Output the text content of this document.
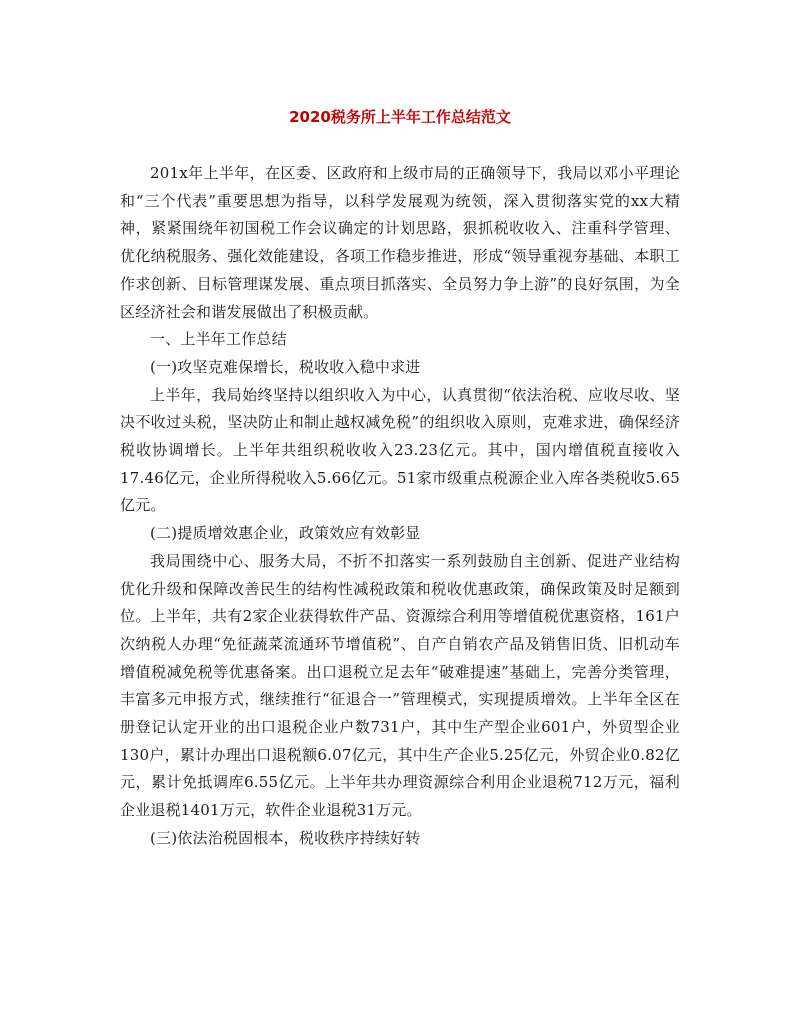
2020税务所上半年工作总结范文

201x年上半年，在区委、区政府和上级市局的正确领导下，我局以邓小平理论和“三个代表”重要思想为指导，以科学发展观为统领，深入贯彻落实党的xx大精神，紧紧围绕年初国税工作会议确定的计划思路，狠抓税收收入、注重科学管理、优化纳税服务、强化效能建设，各项工作稳步推进，形成“领导重视夯基础、本职工作求创新、目标管理谋发展、重点项目抓落实、全员努力争上游”的良好氛围，为全区经济社会和谐发展做出了积极贡献。

一、上半年工作总结

(一)攻坚克难保增长，税收收入稳中求进

上半年，我局始终坚持以组织收入为中心，认真贯彻“依法治税、应收尽收、坚决不收过头税，坚决防止和制止越权减免税”的组织收入原则，克难求进，确保经济税收协调增长。上半年共组织税收收入23.23亿元。其中，国内增值税直接收入17.46亿元，企业所得税收入5.66亿元。51家市级重点税源企业入库各类税收5.65亿元。

(二)提质增效惠企业，政策效应有效彰显

我局围绕中心、服务大局，不折不扣落实一系列鼓励自主创新、促进产业结构优化升级和保障改善民生的结构性减税政策和税收优惠政策，确保政策及时足额到位。上半年，共有2家企业获得软件产品、资源综合利用等增值税优惠资格，161户次纳税人办理“免征蔬菜流通环节增值税”、自产自销农产品及销售旧货、旧机动车增值税减免税等优惠备案。出口退税立足去年“破难提速”基础上，完善分类管理，丰富多元申报方式，继续推行“征退合一”管理模式，实现提质增效。上半年全区在册登记认定开业的出口退税企业户数731户，其中生产型企业601户，外贸型企业130户，累计办理出口退税额6.07亿元，其中生产企业5.25亿元，外贸企业0.82亿元，累计免抵调库6.55亿元。上半年共办理资源综合利用企业退税712万元，福利企业退税1401万元，软件企业退税31万元。

(三)依法治税固根本，税收秩序持续好转
